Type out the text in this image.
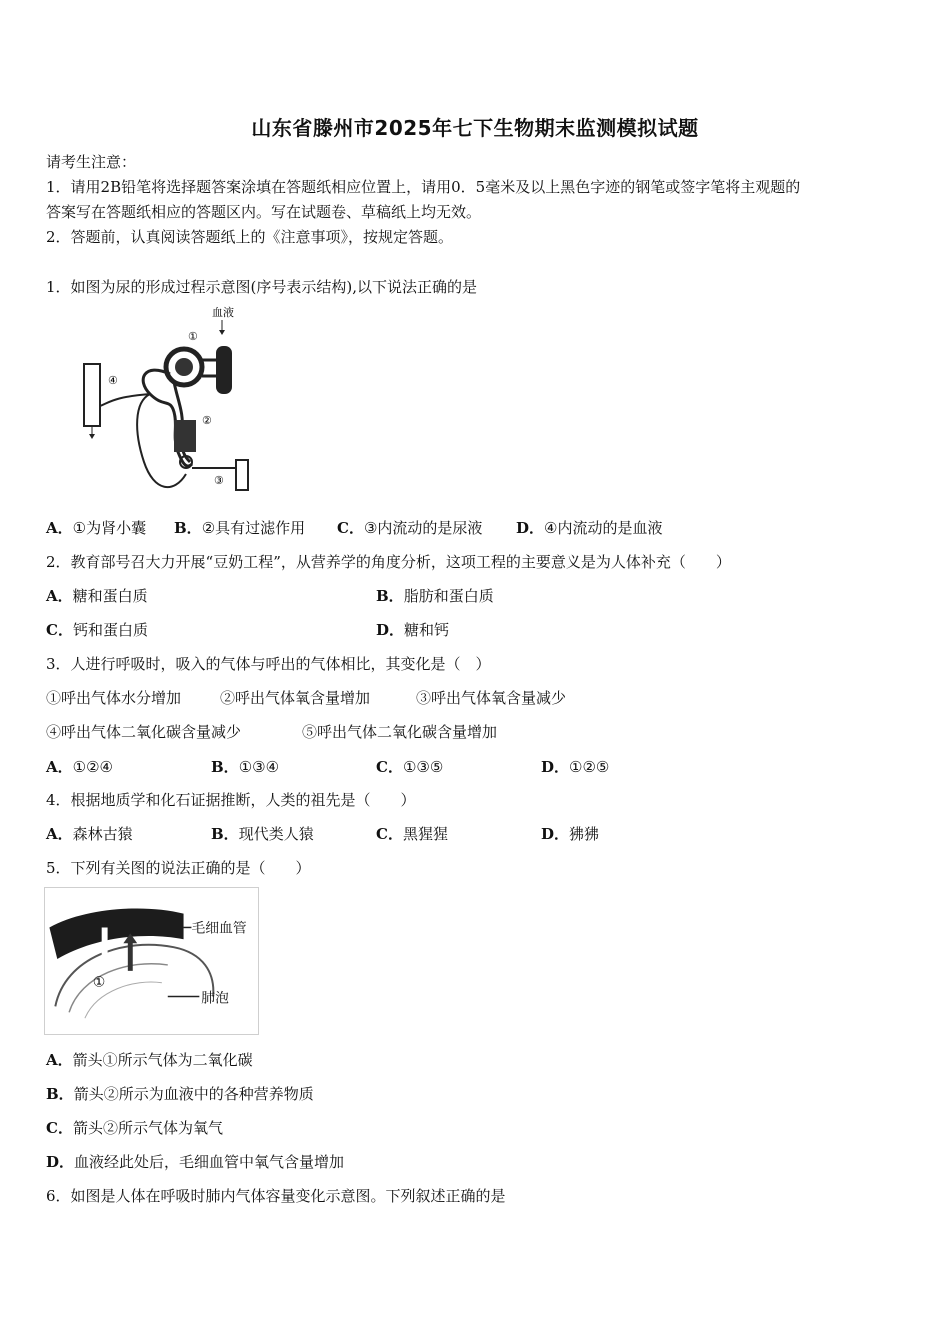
山东省滕州市2025年七下生物期末监测模拟试题
请考生注意：
1．请用2B铅笔将选择题答案涂填在答题纸相应位置上，请用0．5毫米及以上黑色字迹的钢笔或签字笔将主观题的
答案写在答题纸相应的答题区内。写在试题卷、草稿纸上均无效。
2．答题前，认真阅读答题纸上的《注意事项》，按规定答题。
1．如图为尿的形成过程示意图(序号表示结构),以下说法正确的是
血液
①
②
③
④
A．①为肾小囊 B．②具有过滤作用 C．③内流动的是尿液 D．④内流动的是血液
2．教育部号召大力开展“豆奶工程”，从营养学的角度分析，这项工程的主要意义是为人体补充（　　）
A．糖和蛋白质	B．脂肪和蛋白质
C．钙和蛋白质	D．糖和钙
3．人进行呼吸时，吸入的气体与呼出的气体相比，其变化是（　）
①呼出气体水分增加	②呼出气体氧含量增加	③呼出气体氧含量减少
④呼出气体二氧化碳含量减少	⑤呼出气体二氧化碳含量增加
A．①②④	B．①③④	C．①③⑤	D．①②⑤
4．根据地质学和化石证据推断，人类的祖先是（　　）
A．森林古猿	B．现代类人猿	C．黑猩猩	D．狒狒
5．下列有关图的说法正确的是（　　）
①
毛细血管
肺泡
A．箭头①所示气体为二氧化碳
B．箭头②所示为血液中的各种营养物质
C．箭头②所示气体为氧气
D．血液经此处后，毛细血管中氧气含量增加
6．如图是人体在呼吸时肺内气体容量变化示意图。下列叙述正确的是
